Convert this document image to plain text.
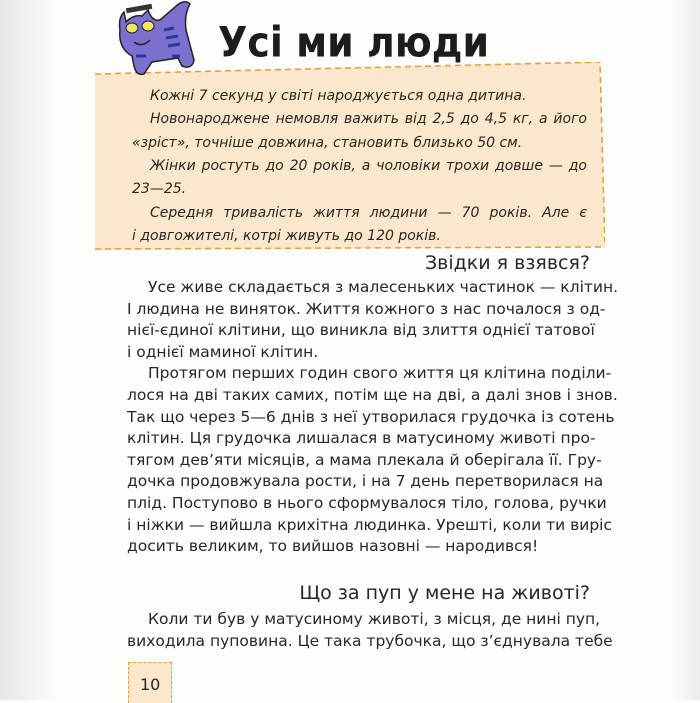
Усі ми люди
Кожні 7 секунд у світі народжується одна дитина.
Новонароджене немовля важить від 2,5 до 4,5 кг, а його
«зріст», точніше довжина, становить близько 50 см.
Жінки ростуть до 20 років, а чоловіки трохи довше — до
23—25.
Середня тривалість життя людини — 70 років. Але є
і довгожителі, котрі живуть до 120 років.
Звідки я взявся?
Усе живе складається з малесеньких частинок — клітин.
І людина не виняток. Життя кожного з нас почалося з од-
нієї-єдиної клітини, що виникла від злиття однієї татової
і однієї маминої клітин.
Протягом перших годин свого життя ця клітина поділи-
лося на дві таких самих, потім ще на дві, а далі знов і знов.
Так що через 5—6 днів з неї утворилася грудочка із сотень
клітин. Ця грудочка лишалася в матусиному животі про-
тягом дев’яти місяців, а мама плекала й оберігала її. Гру-
дочка продовжувала рости, і на 7 день перетворилася на
плід. Поступово в нього сформувалося тіло, голова, ручки
і ніжки — вийшла крихітна людинка. Урешті, коли ти виріс
досить великим, то вийшов назовні — народився!
Що за пуп у мене на животі?
Коли ти був у матусиному животі, з місця, де нині пуп,
виходила пуповина. Це така трубочка, що з’єднувала тебе
10
